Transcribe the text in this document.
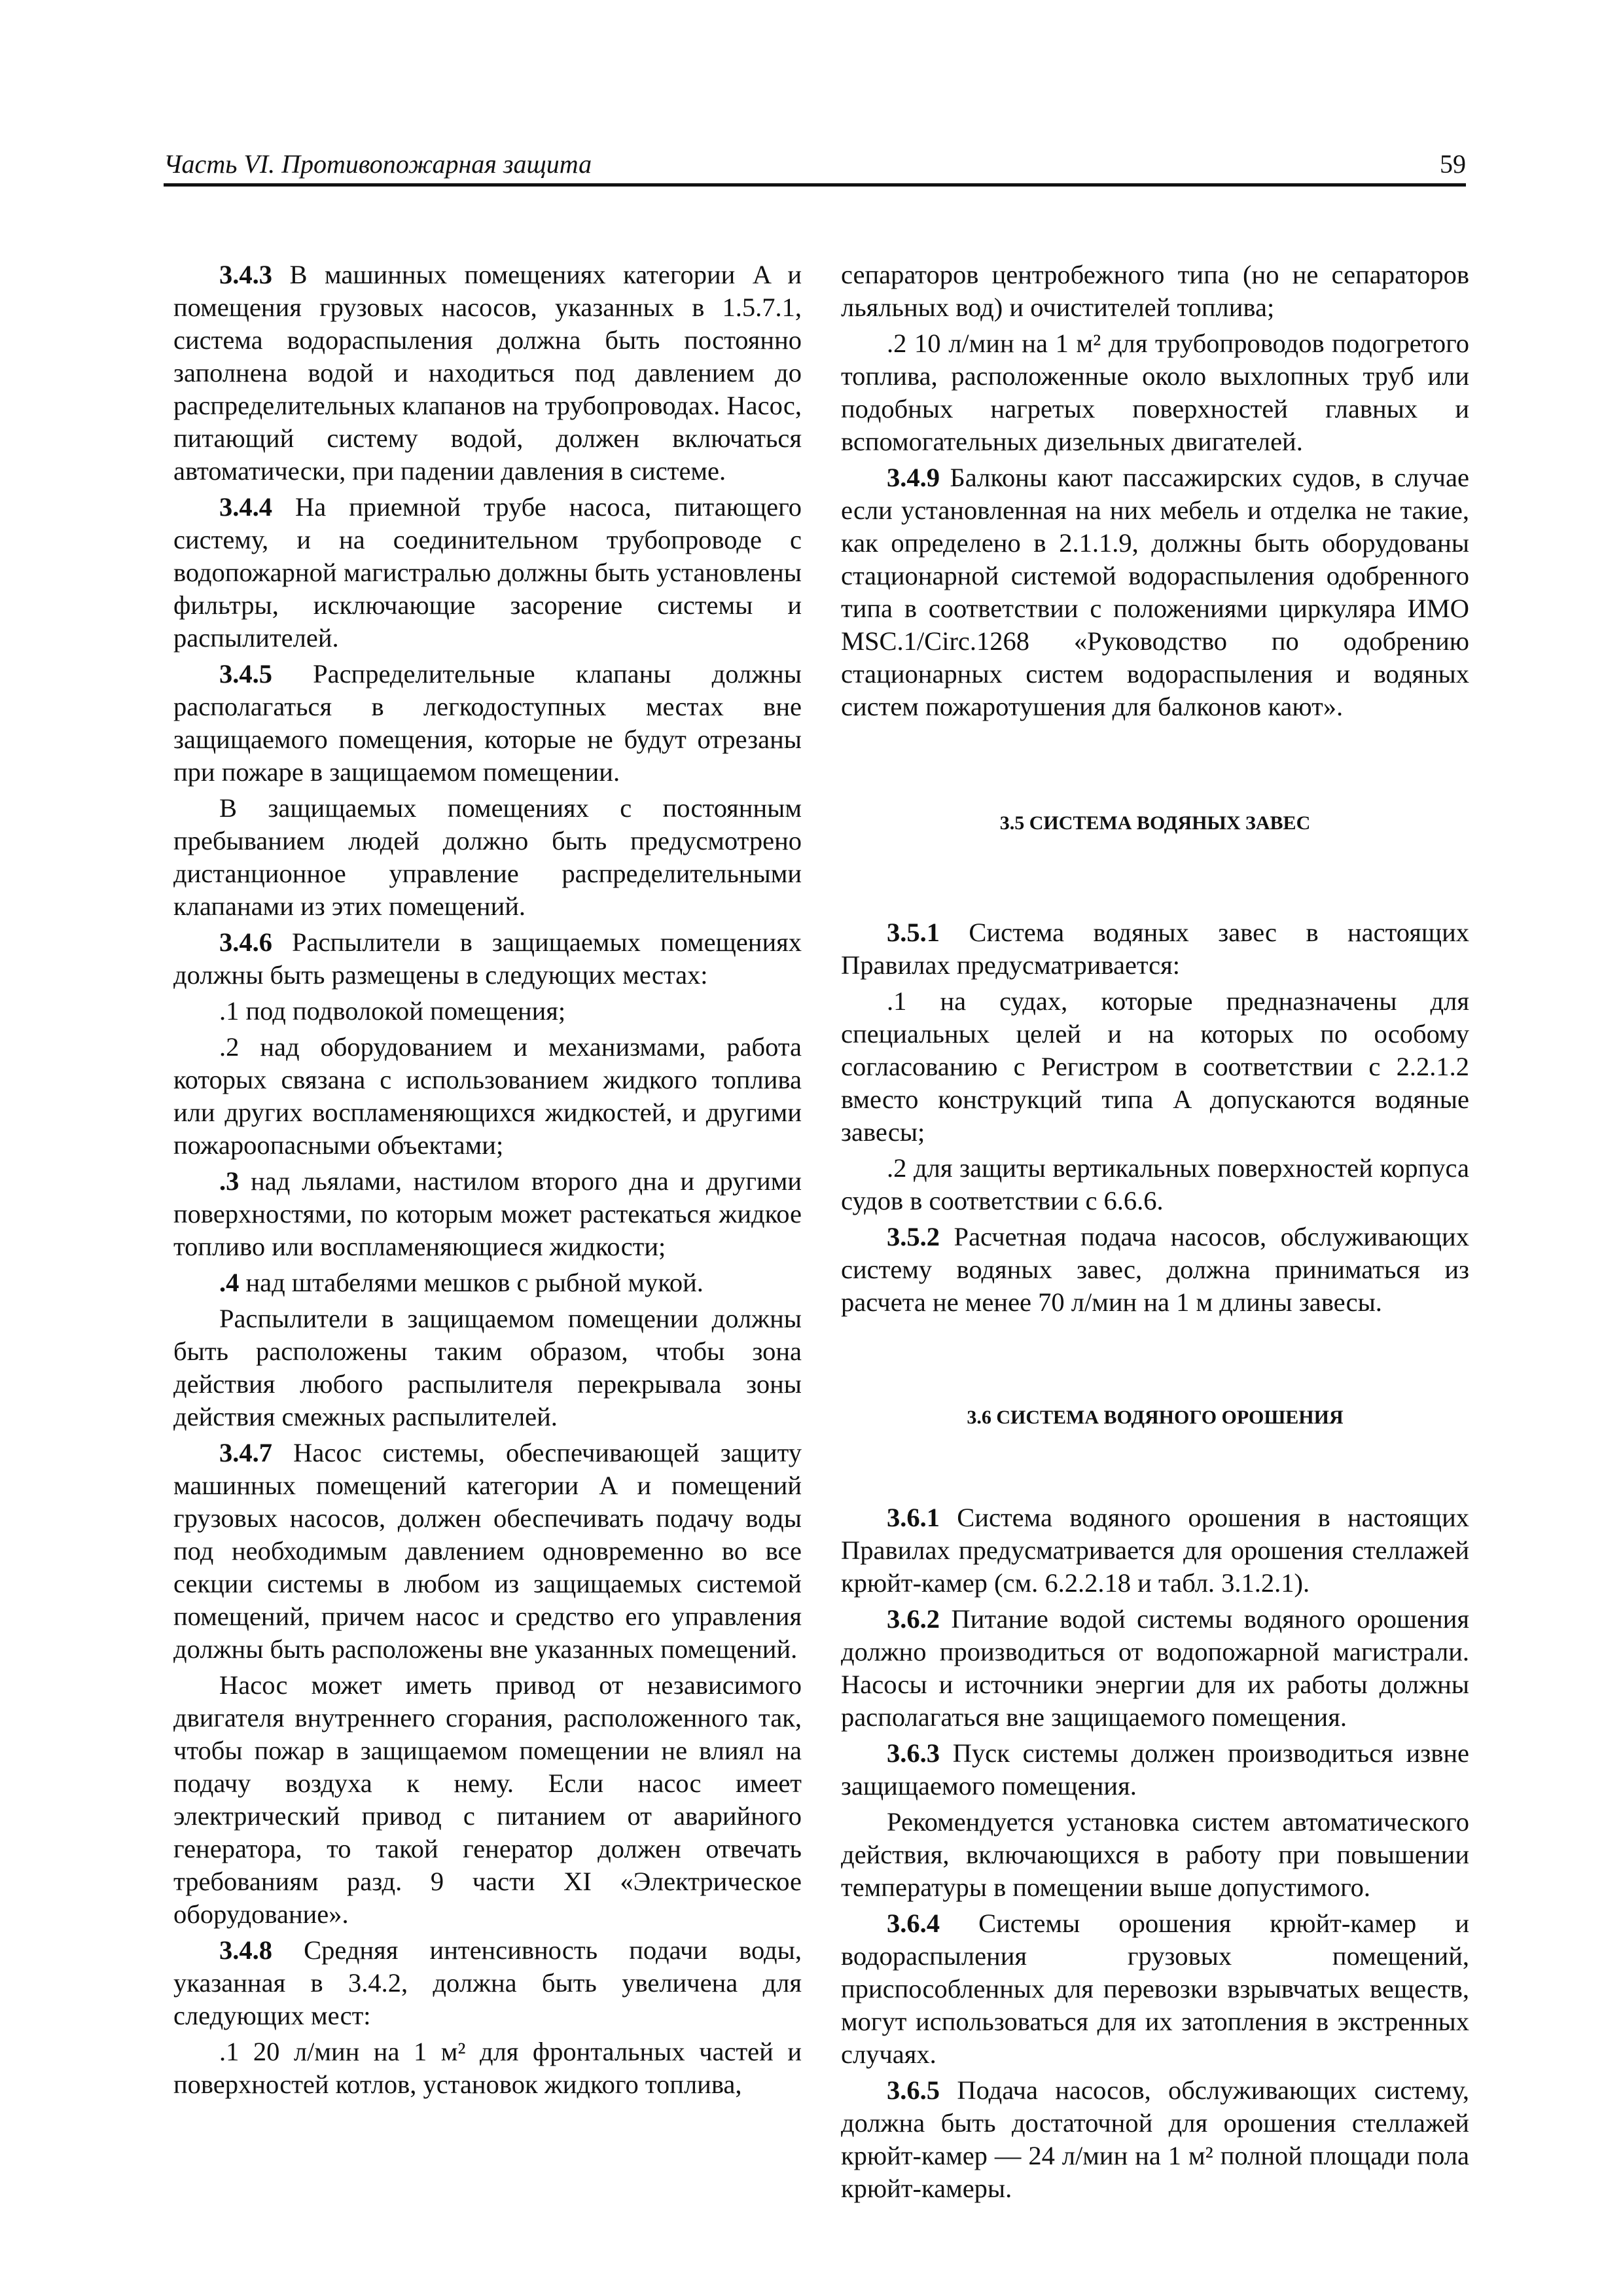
Часть VI. Противопожарная защита	59

3.4.3 В машинных помещениях категории A и помещения грузовых насосов, указанных в 1.5.7.1, система водораспыления должна быть постоянно заполнена водой и находиться под давлением до распределительных клапанов на трубопроводах. Насос, питающий систему водой, должен включаться автоматически, при падении давления в системе.

3.4.4 На приемной трубе насоса, питающего систему, и на соединительном трубопроводе с водопожарной магистралью должны быть установлены фильтры, исключающие засорение системы и распылителей.

3.4.5 Распределительные клапаны должны располагаться в легкодоступных местах вне защищаемого помещения, которые не будут отрезаны при пожаре в защищаемом помещении.

В защищаемых помещениях с постоянным пребыванием людей должно быть предусмотрено дистанционное управление распределительными клапанами из этих помещений.

3.4.6 Распылители в защищаемых помещениях должны быть размещены в следующих местах:

.1 под подволокой помещения;

.2 над оборудованием и механизмами, работа которых связана с использованием жидкого топлива или других воспламеняющихся жидкостей, и другими пожароопасными объектами;

.3 над льялами, настилом второго дна и другими поверхностями, по которым может растекаться жидкое топливо или воспламеняющиеся жидкости;

.4 над штабелями мешков с рыбной мукой.

Распылители в защищаемом помещении должны быть расположены таким образом, чтобы зона действия любого распылителя перекрывала зоны действия смежных распылителей.

3.4.7 Насос системы, обеспечивающей защиту машинных помещений категории A и помещений грузовых насосов, должен обеспечивать подачу воды под необходимым давлением одновременно во все секции системы в любом из защищаемых системой помещений, причем насос и средство его управления должны быть расположены вне указанных помещений.

Насос может иметь привод от независимого двигателя внутреннего сгорания, расположенного так, чтобы пожар в защищаемом помещении не влиял на подачу воздуха к нему. Если насос имеет электрический привод с питанием от аварийного генератора, то такой генератор должен отвечать требованиям разд. 9 части XI «Электрическое оборудование».

3.4.8 Средняя интенсивность подачи воды, указанная в 3.4.2, должна быть увеличена для следующих мест:

.1 20 л/мин на 1 м² для фронтальных частей и поверхностей котлов, установок жидкого топлива,

сепараторов центробежного типа (но не сепараторов льяльных вод) и очистителей топлива;

.2 10 л/мин на 1 м² для трубопроводов подогретого топлива, расположенные около выхлопных труб или подобных нагретых поверхностей главных и вспомогательных дизельных двигателей.

3.4.9 Балконы кают пассажирских судов, в случае если установленная на них мебель и отделка не такие, как определено в 2.1.1.9, должны быть оборудованы стационарной системой водораспыления одобренного типа в соответствии с положениями циркуляра ИМО MSC.1/Circ.1268 «Руководство по одобрению стационарных систем водораспыления и водяных систем пожаротушения для балконов кают».

3.5 СИСТЕМА ВОДЯНЫХ ЗАВЕС

3.5.1 Система водяных завес в настоящих Правилах предусматривается:

.1 на судах, которые предназначены для специальных целей и на которых по особому согласованию с Регистром в соответствии с 2.2.1.2 вместо конструкций типа A допускаются водяные завесы;

.2 для защиты вертикальных поверхностей корпуса судов в соответствии с 6.6.6.

3.5.2 Расчетная подача насосов, обслуживающих систему водяных завес, должна приниматься из расчета не менее 70 л/мин на 1 м длины завесы.

3.6 СИСТЕМА ВОДЯНОГО ОРОШЕНИЯ

3.6.1 Система водяного орошения в настоящих Правилах предусматривается для орошения стеллажей крюйт-камер (см. 6.2.2.18 и табл. 3.1.2.1).

3.6.2 Питание водой системы водяного орошения должно производиться от водопожарной магистрали. Насосы и источники энергии для их работы должны располагаться вне защищаемого помещения.

3.6.3 Пуск системы должен производиться извне защищаемого помещения.

Рекомендуется установка систем автоматического действия, включающихся в работу при повышении температуры в помещении выше допустимого.

3.6.4 Системы орошения крюйт-камер и водораспыления грузовых помещений, приспособленных для перевозки взрывчатых веществ, могут использоваться для их затопления в экстренных случаях.

3.6.5 Подача насосов, обслуживающих систему, должна быть достаточной для орошения стеллажей крюйт-камер — 24 л/мин на 1 м² полной площади пола крюйт-камеры.
